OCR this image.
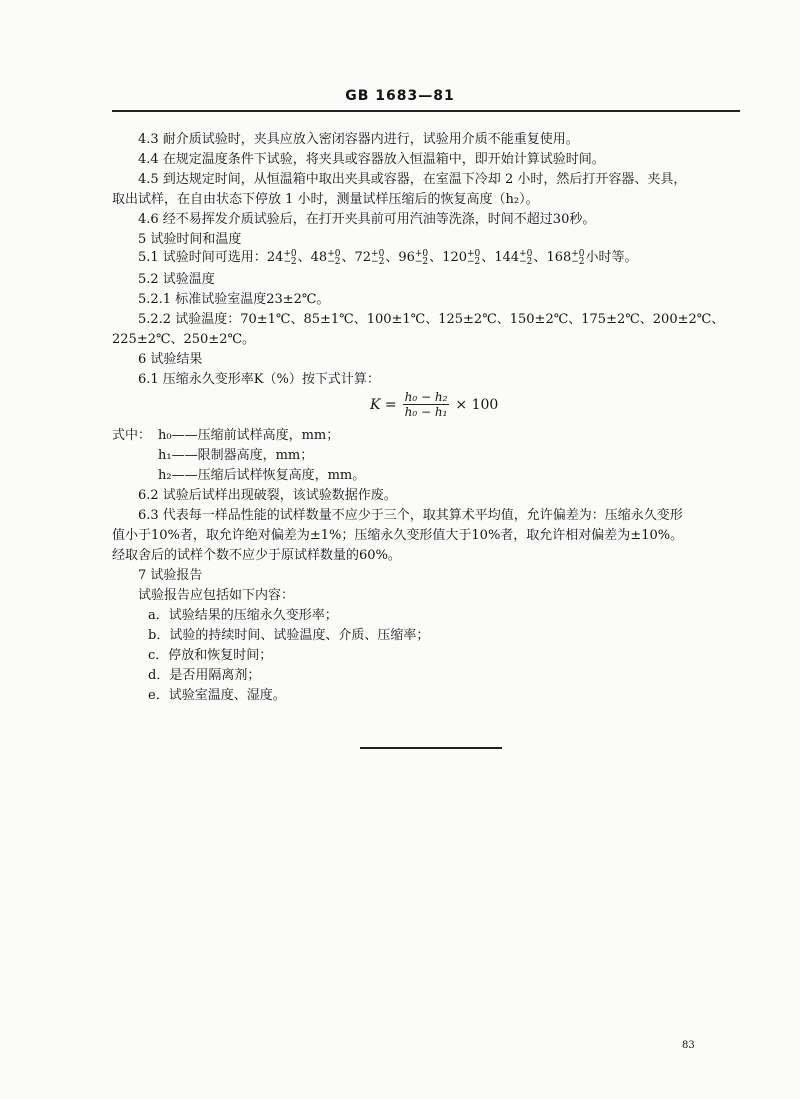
GB 1683—81
4.3 耐介质试验时，夹具应放入密闭容器内进行，试验用介质不能重复使用。
4.4 在规定温度条件下试验，将夹具或容器放入恒温箱中，即开始计算试验时间。
4.5 到达规定时间，从恒温箱中取出夹具或容器，在室温下冷却 2 小时，然后打开容器、夹具，
取出试样，在自由状态下停放 1 小时，测量试样压缩后的恢复高度（h₂）。
4.6 经不易挥发介质试验后，在打开夹具前可用汽油等洗涤，时间不超过30秒。
5 试验时间和温度
5.1 试验时间可选用：24 +0
−2 、48 +0
−2 、72 +0
−2 、96 +0
−2 、120 +0
−2 、144 +0
−2 、168 +0
−2 小时等。
5.2 试验温度
5.2.1 标准试验室温度23±2℃。
5.2.2 试验温度：70±1℃、85±1℃、100±1℃、125±2℃、150±2℃、175±2℃、200±2℃、
225±2℃、250±2℃。
6 试验结果
6.1 压缩永久变形率K（%）按下式计算：
$K = \frac{\text{h₀ − h₂}}{\text{h₀ − h₁}} \times 100$
式中： h₀——压缩前试样高度，mm；
h₁——限制器高度，mm；
h₂——压缩后试样恢复高度，mm。
6.2 试验后试样出现破裂，该试验数据作废。
6.3 代表每一样品性能的试样数量不应少于三个，取其算术平均值，允许偏差为：压缩永久变形
值小于10%者，取允许绝对偏差为±1%；压缩永久变形值大于10%者，取允许相对偏差为±10%。
经取舍后的试样个数不应少于原试样数量的60%。
7 试验报告
试验报告应包括如下内容：
a．试验结果的压缩永久变形率；
b．试验的持续时间、试验温度、介质、压缩率；
c．停放和恢复时间；
d．是否用隔离剂；
e．试验室温度、湿度。
83
